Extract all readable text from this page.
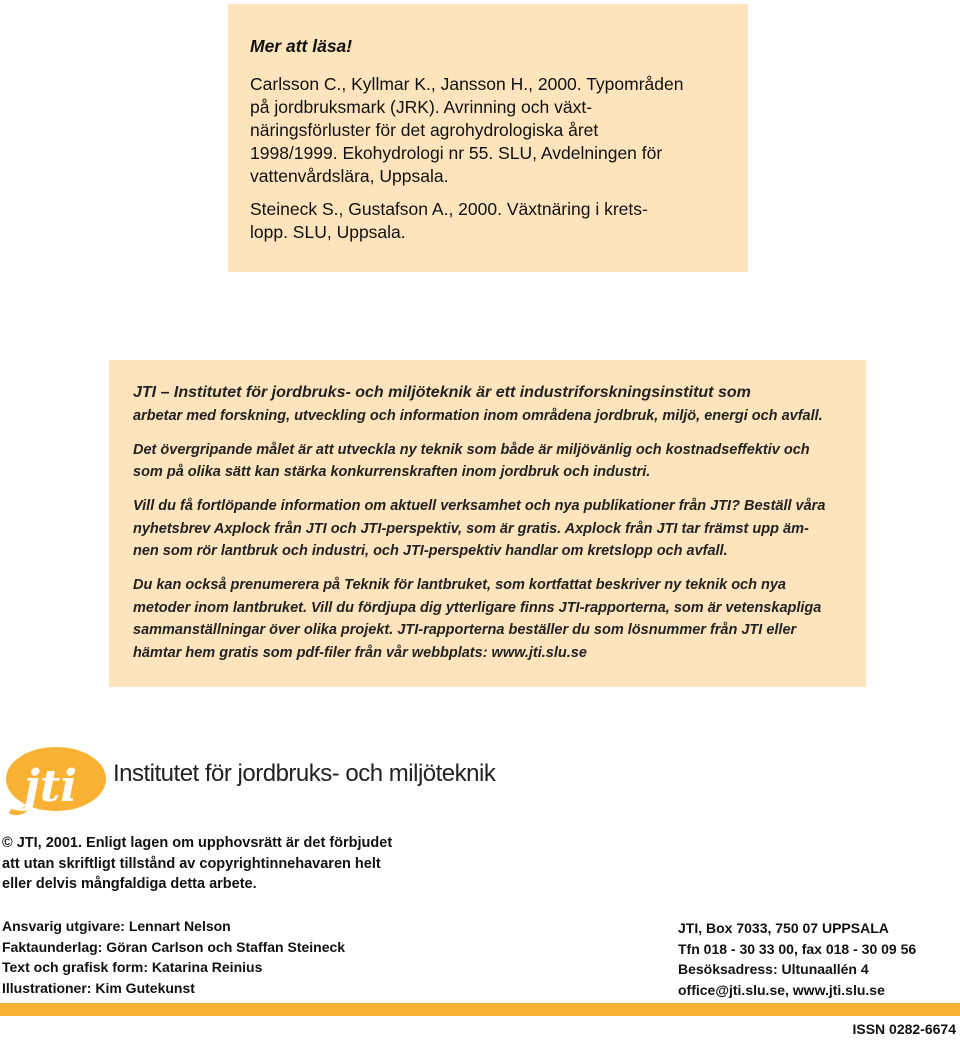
Mer att läsa!
Carlsson C., Kyllmar K., Jansson H., 2000. Typområden
på jordbruksmark (JRK). Avrinning och växt-
näringsförluster för det agrohydrologiska året
1998/1999. Ekohydrologi nr 55. SLU, Avdelningen för
vattenvårdslära, Uppsala.
Steineck S., Gustafson A., 2000. Växtnäring i krets-
lopp. SLU, Uppsala.
JTI – Institutet för jordbruks- och miljöteknik är ett industriforskningsinstitut som
arbetar med forskning, utveckling och information inom områdena jordbruk, miljö, energi och avfall.
Det övergripande målet är att utveckla ny teknik som både är miljövänlig och kostnadseffektiv och
som på olika sätt kan stärka konkurrenskraften inom jordbruk och industri.
Vill du få fortlöpande information om aktuell verksamhet och nya publikationer från JTI? Beställ våra
nyhetsbrev Axplock från JTI och JTI-perspektiv, som är gratis. Axplock från JTI tar främst upp äm-
nen som rör lantbruk och industri, och JTI-perspektiv handlar om kretslopp och avfall.
Du kan också prenumerera på Teknik för lantbruket, som kortfattat beskriver ny teknik och nya
metoder inom lantbruket. Vill du fördjupa dig ytterligare finns JTI-rapporterna, som är vetenskapliga
sammanställningar över olika projekt. JTI-rapporterna beställer du som lösnummer från JTI eller
hämtar hem gratis som pdf-filer från vår webbplats: www.jti.slu.se
jti Institutet för jordbruks- och miljöteknik
© JTI, 2001. Enligt lagen om upphovsrätt är det förbjudet
att utan skriftligt tillstånd av copyrightinnehavaren helt
eller delvis mångfaldiga detta arbete.
Ansvarig utgivare: Lennart Nelson
Faktaunderlag: Göran Carlson och Staffan Steineck
Text och grafisk form: Katarina Reinius
Illustrationer: Kim Gutekunst
JTI, Box 7033, 750 07 UPPSALA
Tfn 018 - 30 33 00, fax 018 - 30 09 56
Besöksadress: Ultunaallén 4
office@jti.slu.se, www.jti.slu.se
ISSN 0282-6674
